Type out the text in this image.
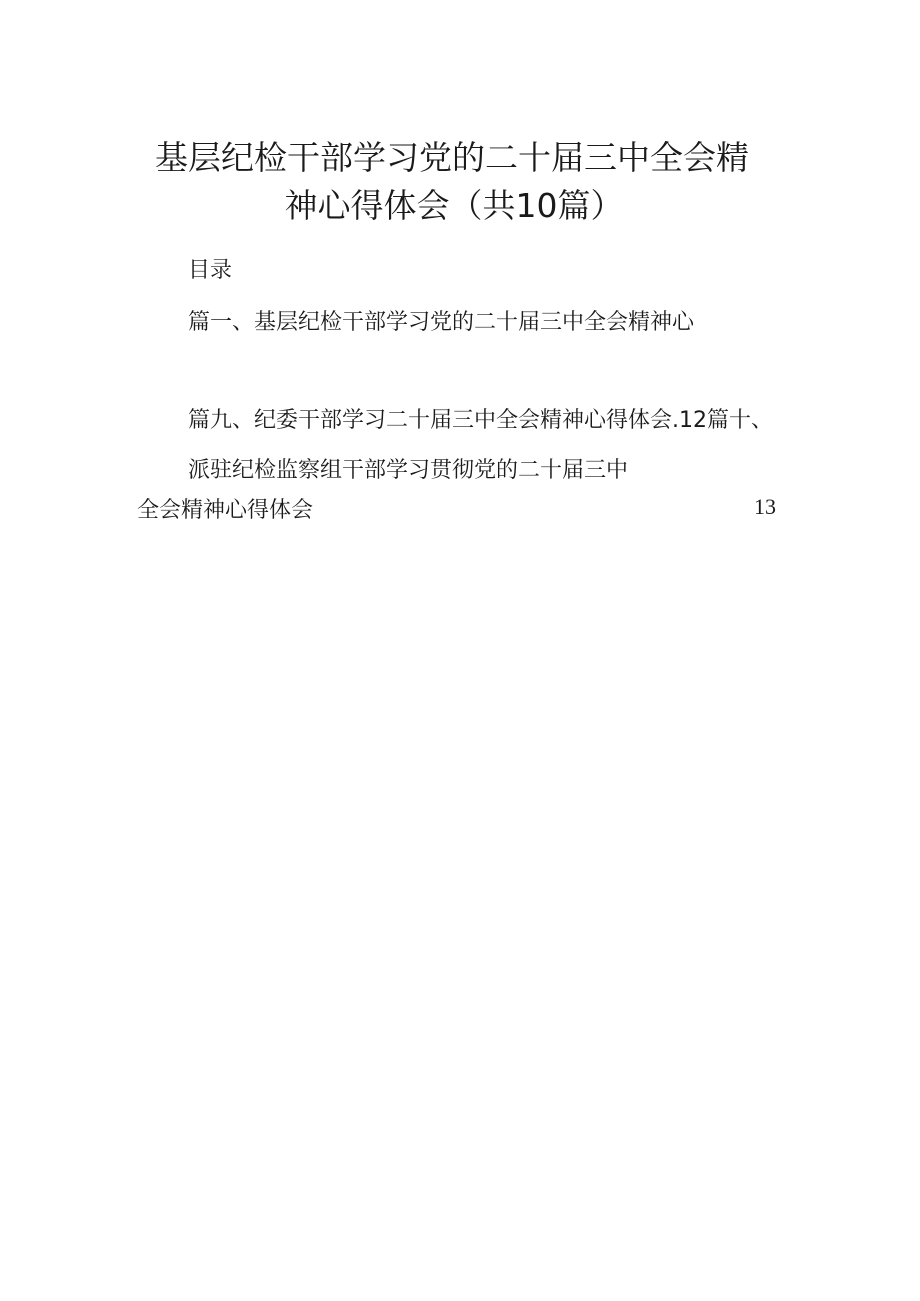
基层纪检干部学习党的二十届三中全会精
神心得体会（共10篇）
目录
篇一、基层纪检干部学习党的二十届三中全会精神心
篇九、纪委干部学习二十届三中全会精神心得体会.12篇十、
派驻纪检监察组干部学习贯彻党的二十届三中
全会精神心得体会	13
